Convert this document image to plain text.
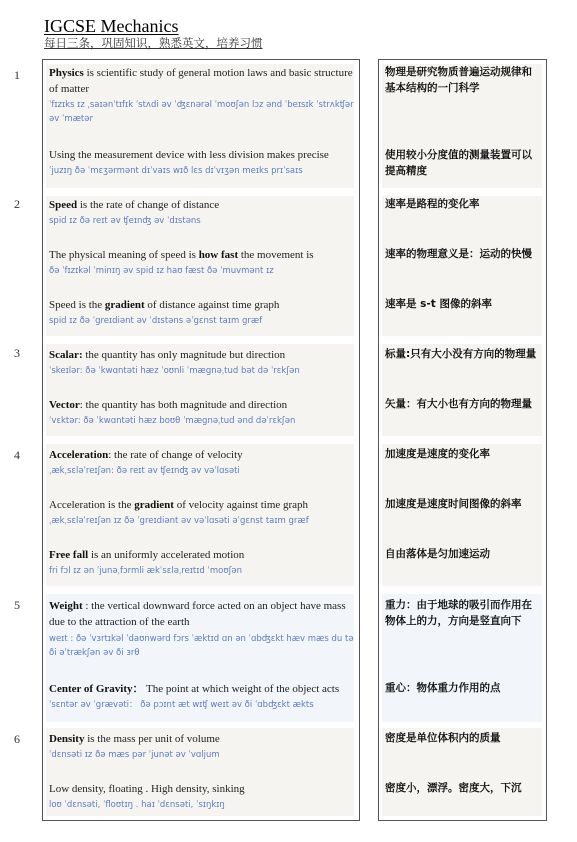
IGCSE Mechanics
每日三条，巩固知识，熟悉英文，培养习惯
1
2
3
4
5
6
Physics is scientific study of general motion laws and basic structure of matter
ˈfɪzɪks ɪz ˌsaɪənˈtɪfɪk ˈstʌdi əv ˈʤɛnərəl ˈmoʊʃən lɔz ənd ˈbeɪsɪk ˈstrʌkʧər əv ˈmætər
物理是研究物质普遍运动规律和基本结构的一门科学
Using the measurement device with less division makes precise
ˈjuzɪŋ ðə ˈmɛʒərmənt dɪˈvaɪs wɪð lɛs dɪˈvɪʒən meɪks prɪˈsaɪs
使用较小分度值的测量装置可以提高精度
Speed is the rate of change of distance
spid ɪz ðə reɪt əv ʧeɪnʤ əv ˈdɪstəns
速率是路程的变化率
The physical meaning of speed is how fast the movement is
ðə ˈfɪzɪkəl ˈminɪŋ əv spid ɪz haʊ fæst ðə ˈmuvmənt ɪz
速率的物理意义是：运动的快慢
Speed is the gradient of distance against time graph
spid ɪz ðə ˈgreɪdiənt əv ˈdɪstəns əˈgɛnst taɪm græf
速率是 s-t 图像的斜率
Scalar: the quantity has only magnitude but direction
ˈskeɪlər: ðə ˈkwɑntəti hæz ˈoʊnli ˈmægnəˌtud bət də ˈrɛkʃən
标量:只有大小没有方向的物理量
Vector: the quantity has both magnitude and direction
ˈvɛktər: ðə ˈkwɑntəti hæz boʊθ ˈmægnəˌtud ənd dəˈrɛkʃən
矢量：有大小也有方向的物理量
Acceleration: the rate of change of velocity
ˌækˌsɛləˈreɪʃən: ðə reɪt əv ʧeɪnʤ əv vəˈlɑsəti
加速度是速度的变化率
Acceleration is the gradient of velocity against time graph
ˌækˌsɛləˈreɪʃən ɪz ðə ˈgreɪdiənt əv vəˈlɑsəti əˈgɛnst taɪm græf
加速度是速度时间图像的斜率
Free fall is an uniformly accelerated motion
fri fɔl ɪz ən ˈjunəˌfɔrmli ækˈsɛləˌreɪtɪd ˈmoʊʃən
自由落体是匀加速运动
Weight : the vertical downward force acted on an object have mass due to the attraction of the earth
weɪt : ðə ˈvɜrtɪkəl ˈdaʊnwərd fɔrs ˈæktɪd ɑn ən ˈɑbʤɛkt hæv mæs du tə ði əˈtrækʃən əv ði ɜrθ
重力：由于地球的吸引而作用在物体上的力，方向是竖直向下
Center of Gravity： The point at which weight of the object acts
ˈsɛntər əv ˈgrævəti： ðə pɔɪnt æt wɪʧ weɪt əv ði ˈɑbʤɛkt ækts
重心：物体重力作用的点
Density is the mass per unit of volume
ˈdɛnsəti ɪz ðə mæs pər ˈjunət əv ˈvɑljum
密度是单位体积内的质量
Low density, floating . High density, sinking
loʊ ˈdɛnsəti, ˈfloʊtɪŋ . haɪ ˈdɛnsəti, ˈsɪŋkɪŋ
密度小，漂浮。密度大，下沉
